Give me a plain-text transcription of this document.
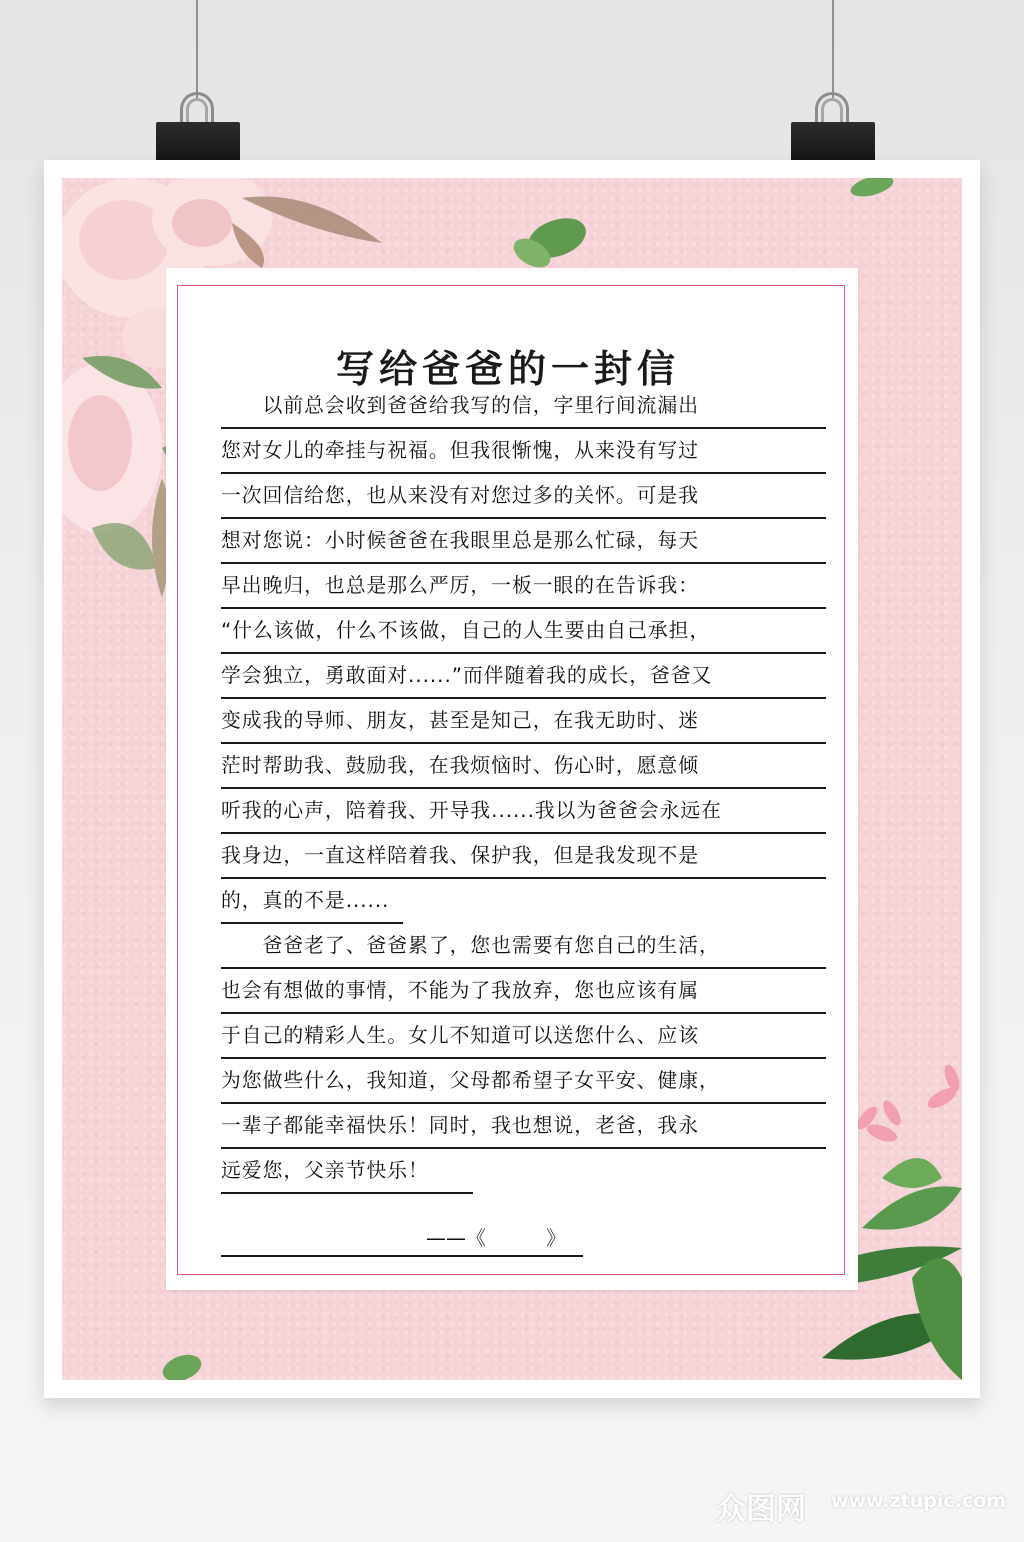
写给爸爸的一封信
　　以前总会收到爸爸给我写的信，字里行间流漏出
您对女儿的牵挂与祝福。但我很惭愧，从来没有写过
一次回信给您，也从来没有对您过多的关怀。可是我
想对您说：小时候爸爸在我眼里总是那么忙碌，每天
早出晚归，也总是那么严厉，一板一眼的在告诉我：
“什么该做，什么不该做，自己的人生要由自己承担，
学会独立，勇敢面对......”而伴随着我的成长，爸爸又
变成我的导师、朋友，甚至是知己，在我无助时、迷
茫时帮助我、鼓励我，在我烦恼时、伤心时，愿意倾
听我的心声，陪着我、开导我......我以为爸爸会永远在
我身边，一直这样陪着我、保护我，但是我发现不是
的，真的不是......
　　爸爸老了、爸爸累了，您也需要有您自己的生活，
也会有想做的事情，不能为了我放弃，您也应该有属
于自己的精彩人生。女儿不知道可以送您什么、应该
为您做些什么，我知道，父母都希望子女平安、健康，
一辈子都能幸福快乐！同时，我也想说，老爸，我永
远爱您，父亲节快乐！
——《　　　》
众图网 www.ztupic.com
